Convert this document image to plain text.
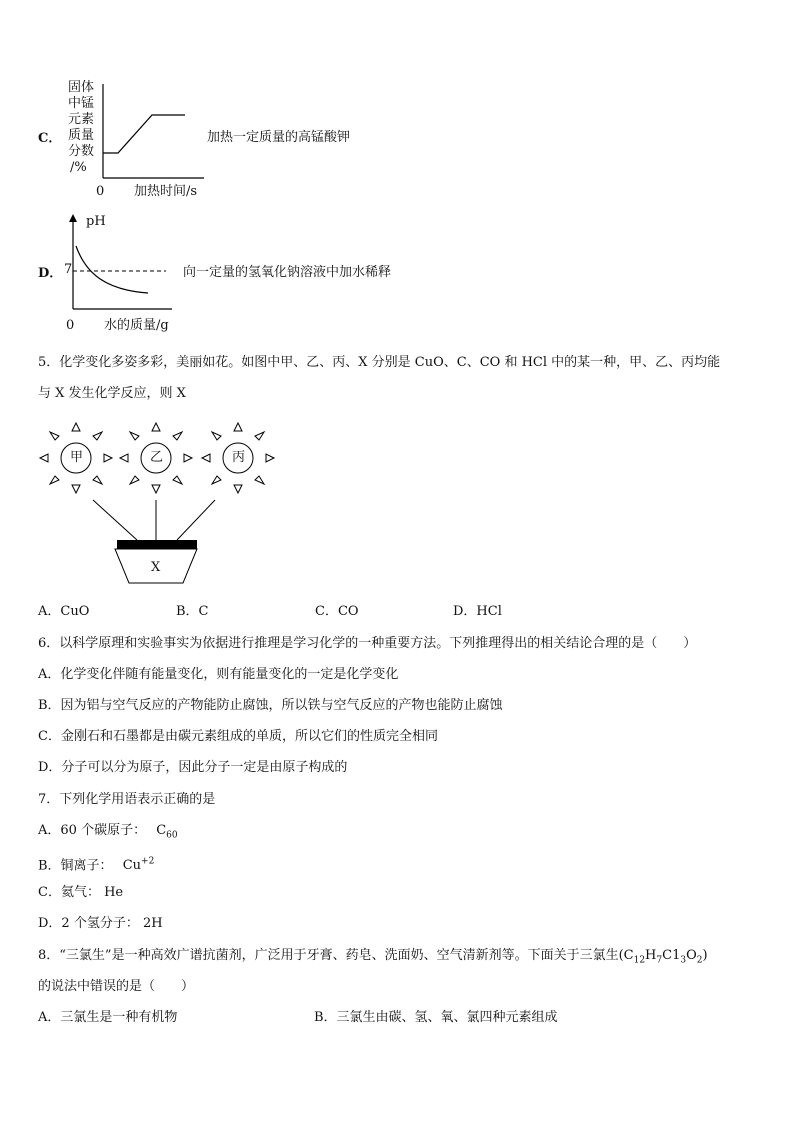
C．
固体
中锰
元素
质量
分数
/%
0 加热时间/s
加热一定质量的高锰酸钾
D．
pH
7
0 水的质量/g
向一定量的氢氧化钠溶液中加水稀释
5．化学变化多姿多彩，美丽如花。如图中甲、乙、丙、X 分别是 CuO、C、CO 和 HCl 中的某一种，甲、乙、丙均能
与 X 发生化学反应，则 X
甲	乙	丙
X
A．CuO	B．C	C．CO	D．HCl
6．以科学原理和实验事实为依据进行推理是学习化学的一种重要方法。下列推理得出的相关结论合理的是（　　）
A．化学变化伴随有能量变化，则有能量变化的一定是化学变化
B．因为铝与空气反应的产物能防止腐蚀，所以铁与空气反应的产物也能防止腐蚀
C．金刚石和石墨都是由碳元素组成的单质，所以它们的性质完全相同
D．分子可以分为原子，因此分子一定是由原子构成的
7．下列化学用语表示正确的是
A．60 个碳原子： $C_{60}$
B．铜离子： $Cu^{+2}$
C．氦气： He
D．2 个氢分子： 2H
8．“三氯生”是一种高效广谱抗菌剂，广泛用于牙膏、药皂、洗面奶、空气清新剂等。下面关于三氯生$(C_{12}H_7C1_3O_2)$
的说法中错误的是（　　）
A．三氯生是一种有机物	B．三氯生由碳、氢、氧、氯四种元素组成
